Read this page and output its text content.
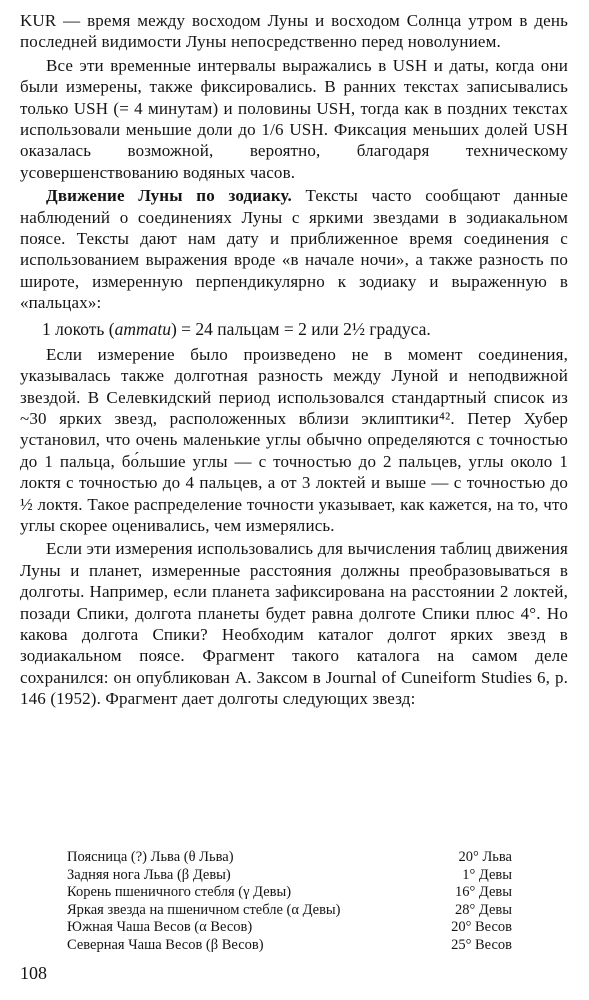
KUR — время между восходом Луны и восходом Солнца утром в день последней видимости Луны непосредственно перед новолунием.

Все эти временные интервалы выражались в USH и даты, когда они были измерены, также фиксировались. В ранних текстах записывались только USH (= 4 минутам) и половины USH, тогда как в поздних текстах использовали меньшие доли до 1/6 USH. Фиксация меньших долей USH оказалась возможной, вероятно, благодаря техническому усовершенствованию водяных часов.

Движение Луны по зодиаку. Тексты часто сообщают данные наблюдений о соединениях Луны с яркими звездами в зодиакальном поясе. Тексты дают нам дату и приближенное время соединения с использованием выражения вроде «в начале ночи», а также разность по широте, измеренную перпендикулярно к зодиаку и выраженную в «пальцах»:

1 локоть (ammatu) = 24 пальцам = 2 или 2½ градуса.

Если измерение было произведено не в момент соединения, указывалась также долготная разность между Луной и неподвижной звездой. В Селевкидский период использовался стандартный список из ~30 ярких звезд, расположенных вблизи эклиптики⁴². Петер Хубер установил, что очень маленькие углы обычно определяются с точностью до 1 пальца, бо́льшие углы — с точностью до 2 пальцев, углы около 1 локтя с точностью до 4 пальцев, а от 3 локтей и выше — с точностью до ½ локтя. Такое распределение точности указывает, как кажется, на то, что углы скорее оценивались, чем измерялись.

Если эти измерения использовались для вычисления таблиц движения Луны и планет, измеренные расстояния должны преобразовываться в долготы. Например, если планета зафиксирована на расстоянии 2 локтей, позади Спики, долгота планеты будет равна долготе Спики плюс 4°. Но какова долгота Спики? Необходим каталог долгот ярких звезд в зодиакальном поясе. Фрагмент такого каталога на самом деле сохранился: он опубликован А. Заксом в Journal of Cuneiform Studies 6, p. 146 (1952). Фрагмент дает долготы следующих звезд:

Поясница (?) Льва (θ Льва)	20° Льва
Задняя нога Льва (β Девы)	1° Девы
Корень пшеничного стебля (γ Девы)	16° Девы
Яркая звезда на пшеничном стебле (α Девы)	28° Девы
Южная Чаша Весов (α Весов)	20° Весов
Северная Чаша Весов (β Весов)	25° Весов
108
